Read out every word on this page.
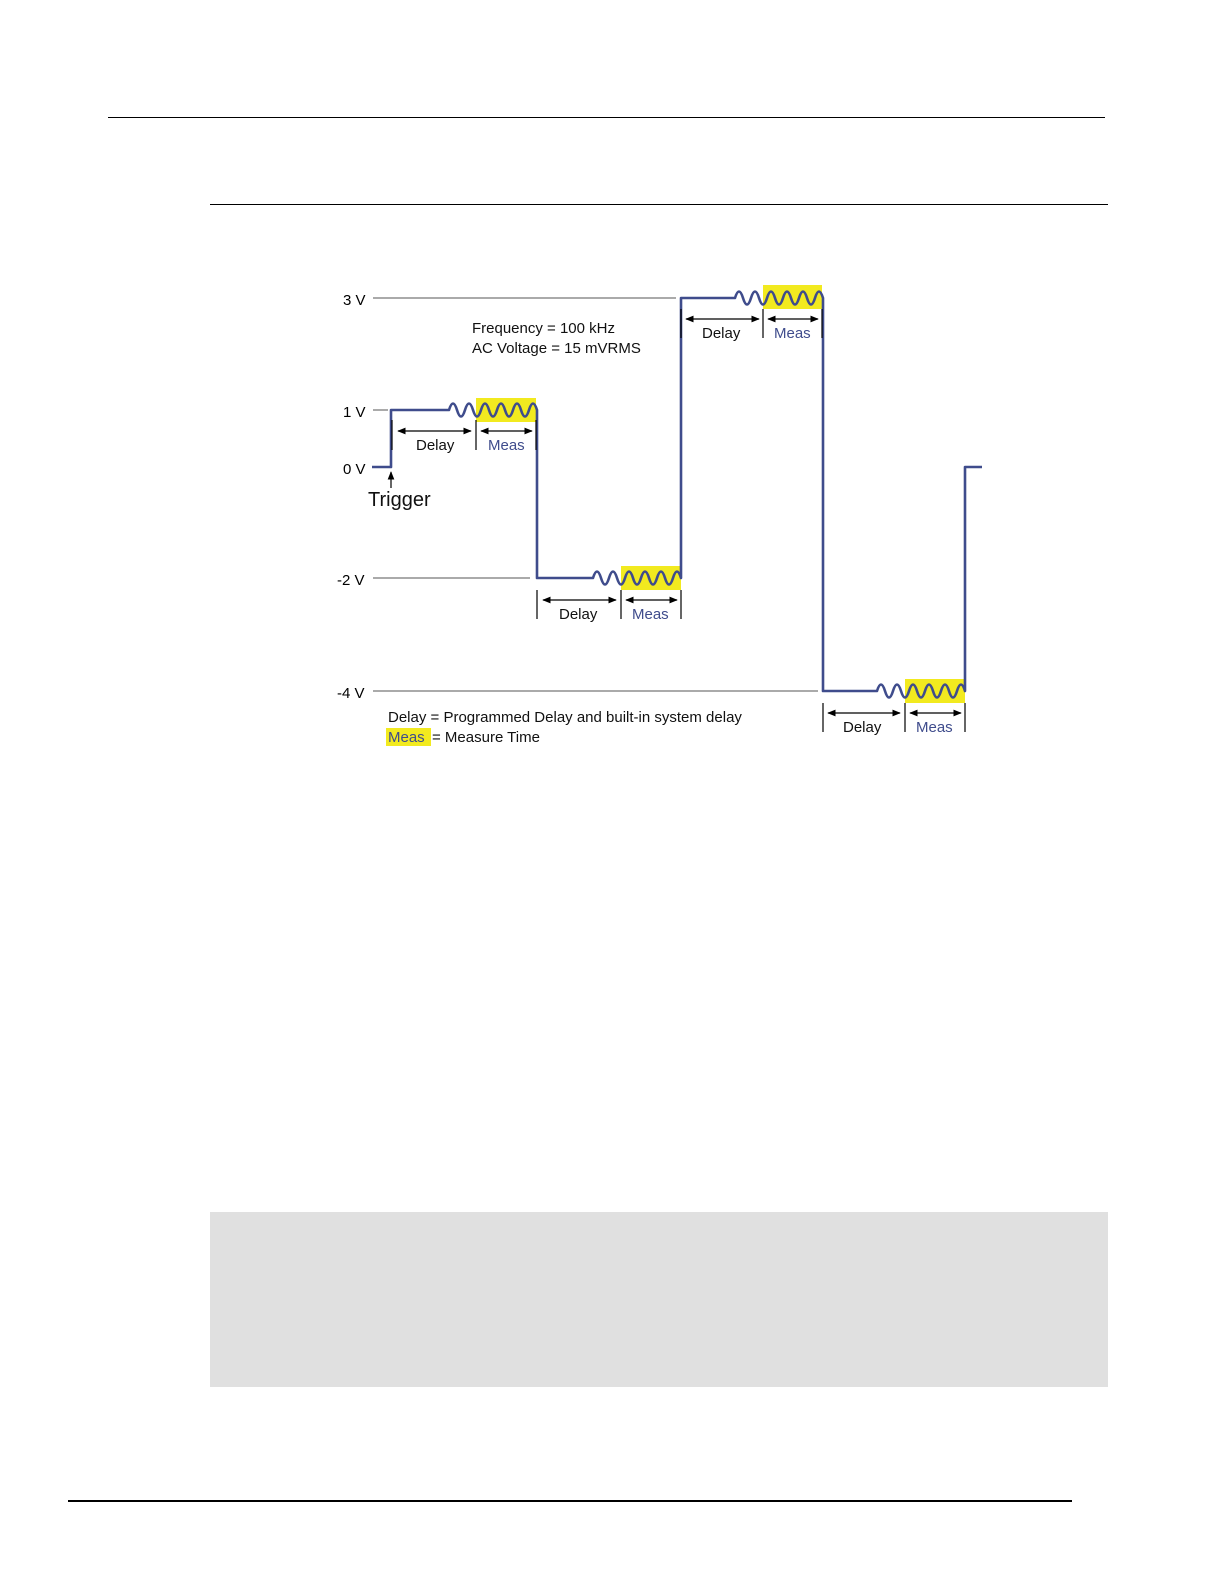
3 V
1 V
0 V
-2 V
-4 V
Frequency = 100 kHz
AC Voltage = 15 mVRMS
Trigger
Delay Meas
Delay Meas
Delay Meas
Delay Meas
Delay = Programmed Delay and built-in system delay
Meas = Measure Time
